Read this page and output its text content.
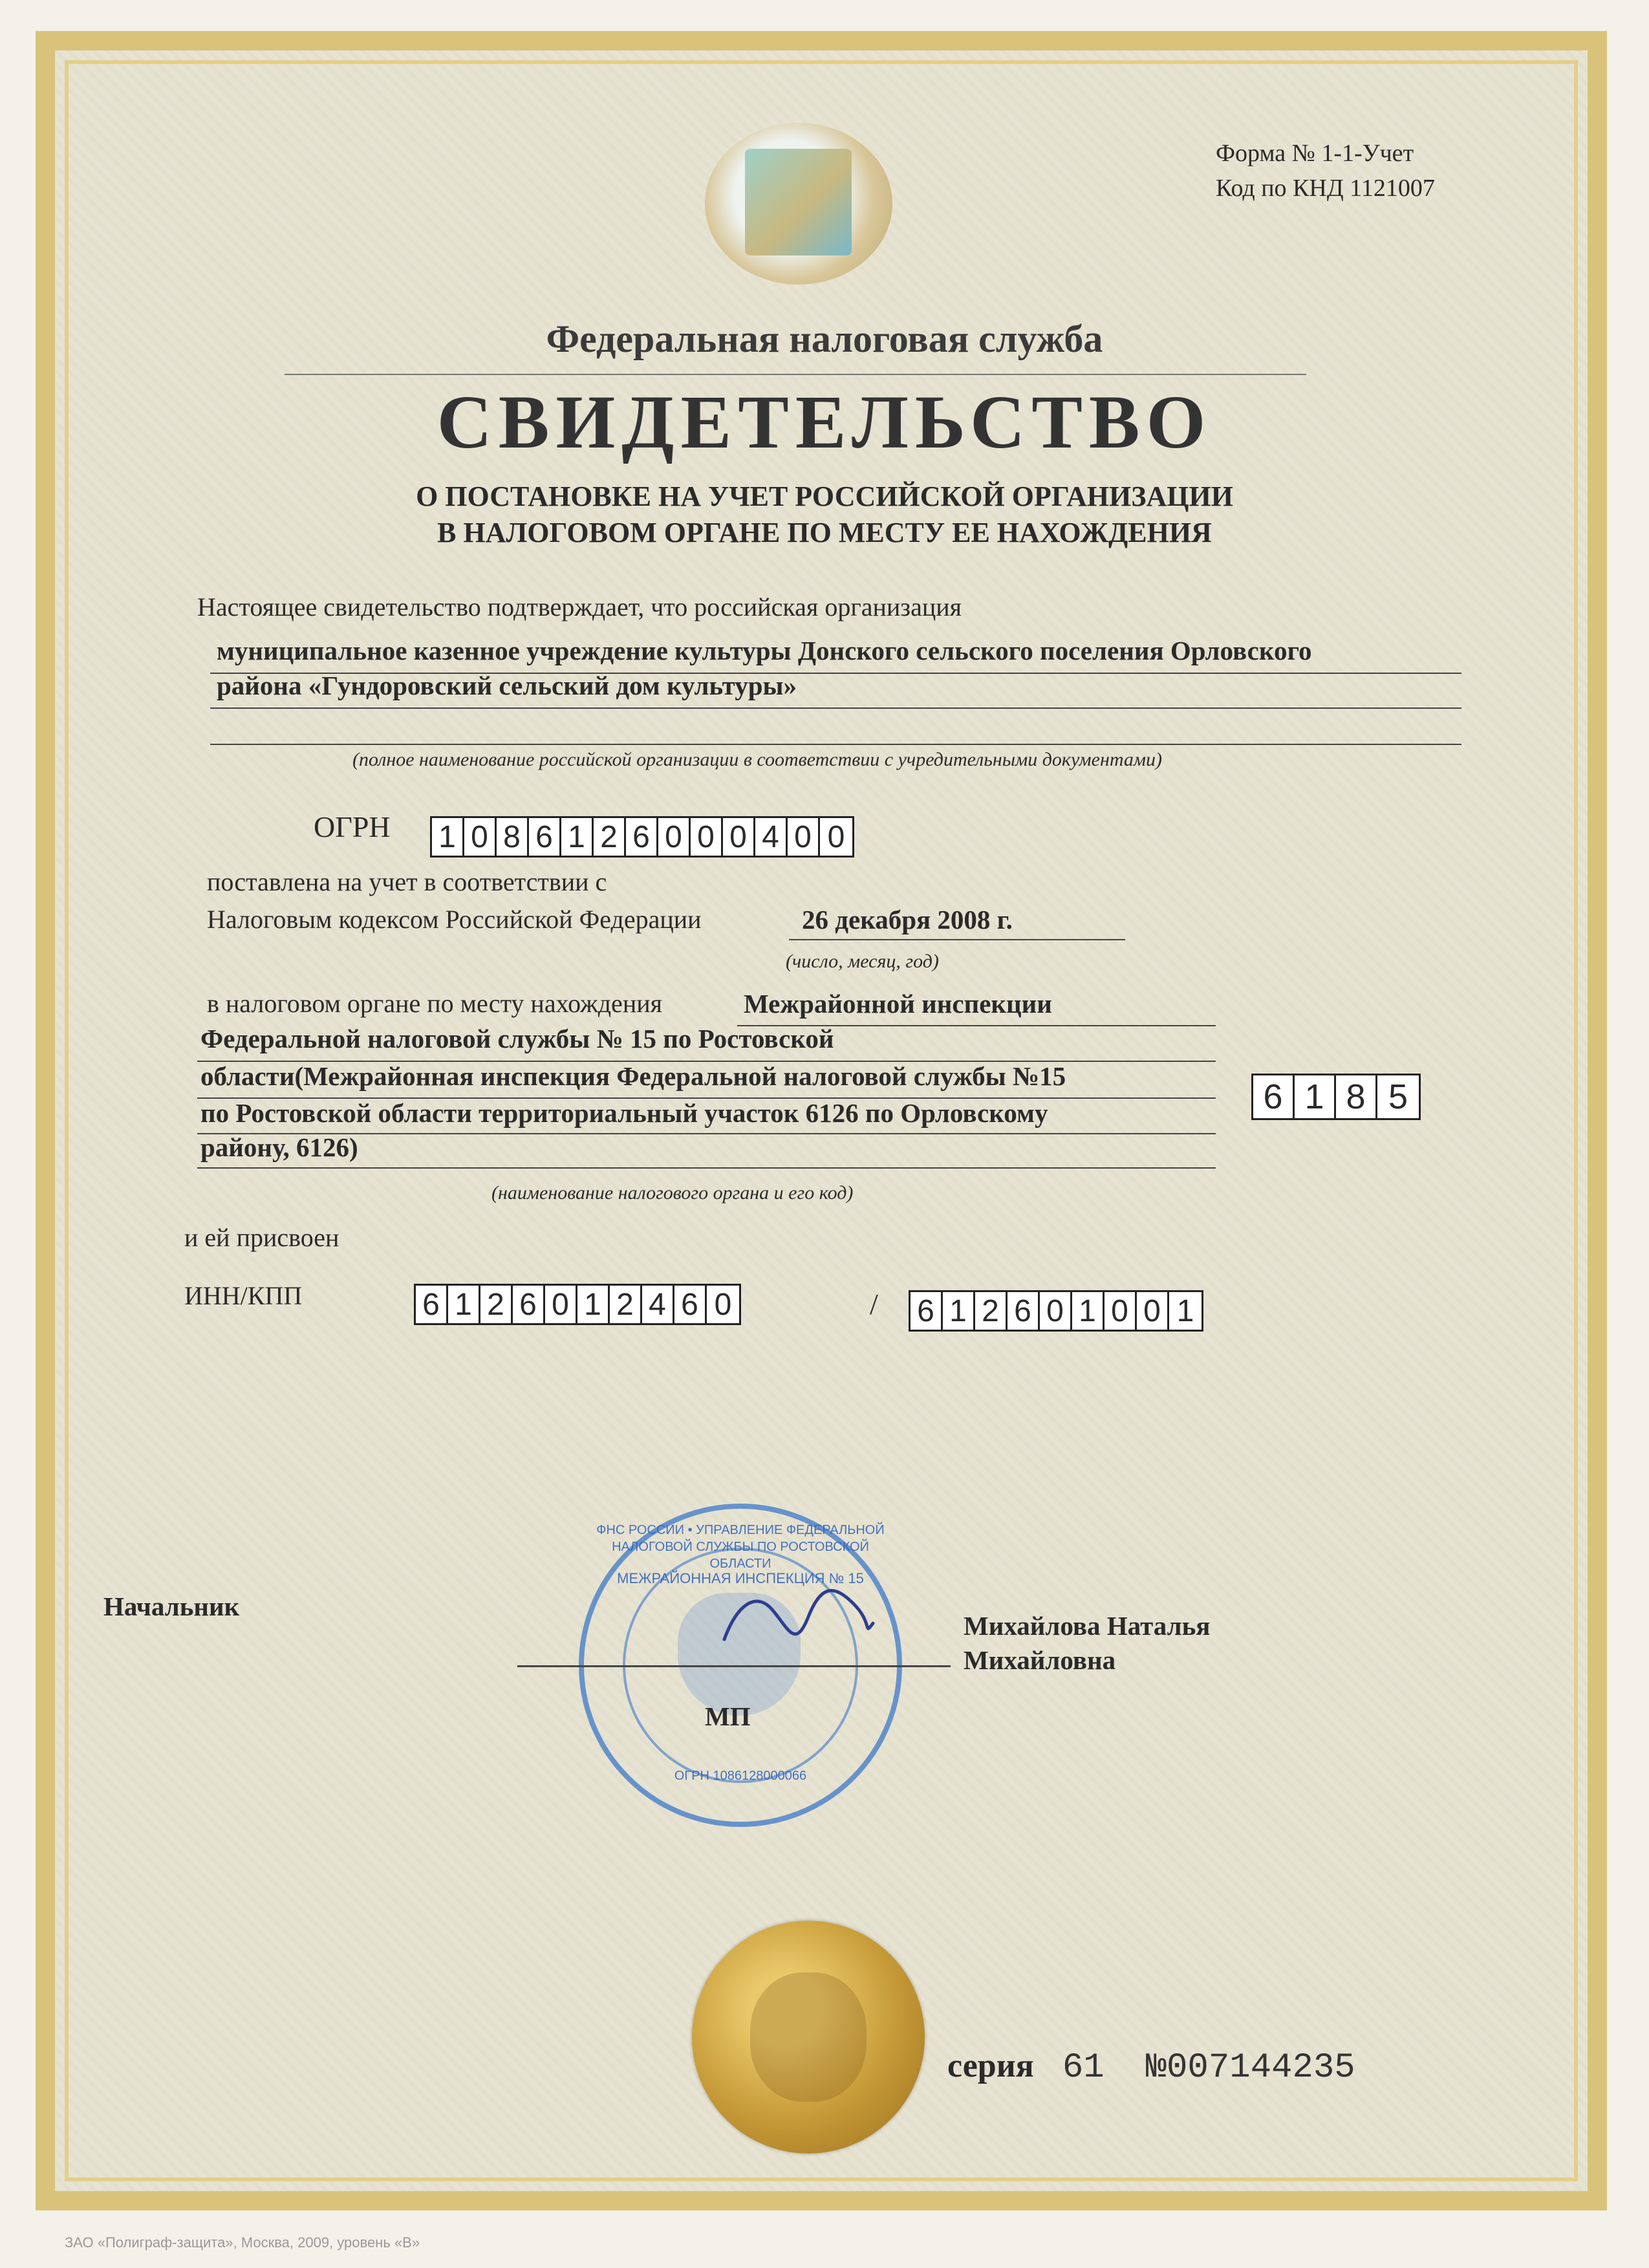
Форма № 1-1-Учет
Код по КНД 1121007
Федеральная налоговая служба
СВИДЕТЕЛЬСТВО
О ПОСТАНОВКЕ НА УЧЕТ РОССИЙСКОЙ ОРГАНИЗАЦИИ
В НАЛОГОВОМ ОРГАНЕ ПО МЕСТУ ЕЕ НАХОЖДЕНИЯ
Настоящее свидетельство подтверждает, что российская организация
муниципальное казенное учреждение культуры Донского сельского поселения Орловского
района «Гундоровский сельский дом культуры»
(полное наименование российской организации в соответствии с учредительными документами)
ОГРН 1 0 8 6 1 2 6 0 0 0 4 0 0
поставлена на учет в соответствии с
Налоговым кодексом Российской Федерации	26 декабря 2008 г.
(число, месяц, год)
в налоговом органе по месту нахождения	Межрайонной инспекции
Федеральной налоговой службы № 15 по Ростовской
области(Межрайонная инспекция Федеральной налоговой службы №15
по Ростовской области территориальный участок 6126 по Орловскому
району, 6126)
6 1 8 5
(наименование налогового органа и его код)
и ей присвоен
ИНН/КПП	6 1 2 6 0 1 2 4 6 0	/ 6 1 2 6 0 1 0 0 1
ФНС РОССИИ • УПРАВЛЕНИЕ ФЕДЕРАЛЬНОЙ НАЛОГОВОЙ СЛУЖБЫ ПО РОСТОВСКОЙ ОБЛАСТИ
ОГРН 1086128000066
МЕЖРАЙОННАЯ ИНСПЕКЦИЯ № 15
Начальник
Михайлова Наталья
Михайловна
МП
серия 61 №007144235
ЗАО «Полиграф-защита», Москва, 2009, уровень «В»
